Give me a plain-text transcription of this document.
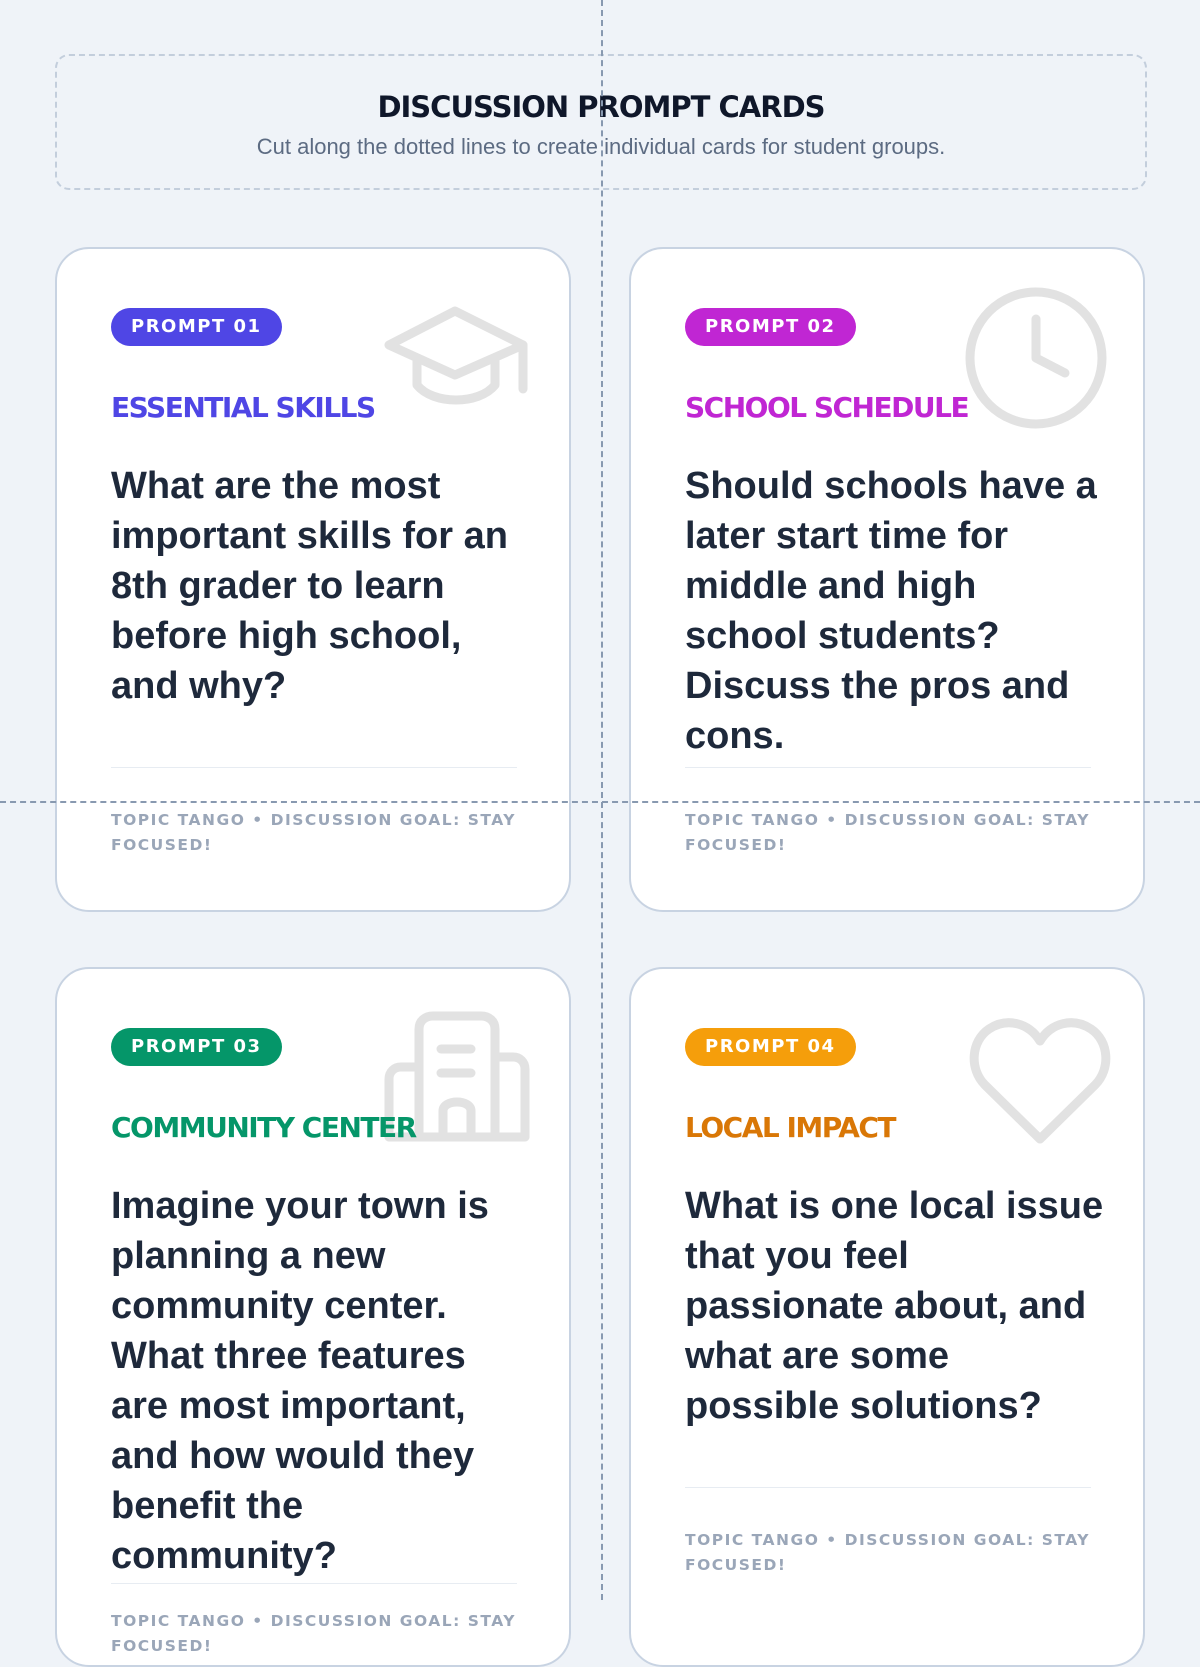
DISCUSSION PROMPT CARDS
Cut along the dotted lines to create individual cards for student groups.
PROMPT 01
ESSENTIAL SKILLS

What are the most important skills for an 8th grader to learn before high school, and why?

TOPIC TANGO • DISCUSSION GOAL: STAY FOCUSED!
PROMPT 02
SCHOOL SCHEDULE

Should schools have a later start time for middle and high school students? Discuss the pros and cons.

TOPIC TANGO • DISCUSSION GOAL: STAY FOCUSED!
PROMPT 03
COMMUNITY CENTER

Imagine your town is planning a new community center. What three features are most important, and how would they benefit the community?

TOPIC TANGO • DISCUSSION GOAL: STAY FOCUSED!
PROMPT 04
LOCAL IMPACT

What is one local issue that you feel passionate about, and what are some possible solutions?

TOPIC TANGO • DISCUSSION GOAL: STAY FOCUSED!
